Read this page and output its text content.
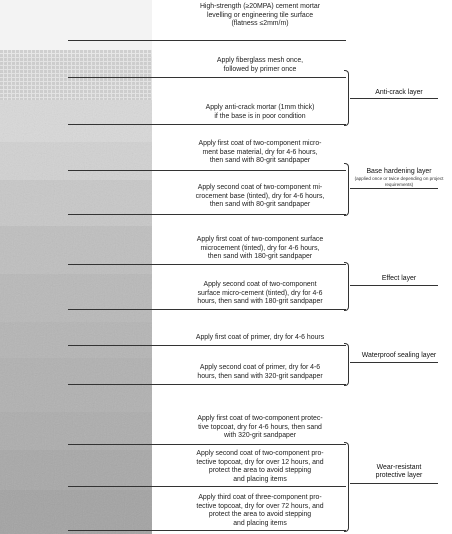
High-strength (≥20MPA) cement mortar
levelling or engineering tile surface
(flatness ≤2mm/m)
Apply fiberglass mesh once,
followed by primer once
Apply anti-crack mortar (1mm thick)
if the base is in poor condition
Apply first coat of two-component micro-
ment base material, dry for 4-6 hours,
then sand with 80-grit sandpaper
Apply second coat of two-component mi-
crocement base (tinted), dry for 4-6 hours,
then sand with 80-grit sandpaper
Apply first coat of two-component surface
microcement (tinted), dry for 4-6 hours,
then sand with 180-grit sandpaper
Apply second coat of two-component
surface micro-cement (tinted), dry for 4-6
hours, then sand with 180-grit sandpaper
Apply first coat of primer, dry for 4-6 hours
Apply second coat of primer, dry for 4-6
hours, then sand with 320-grit sandpaper
Apply first coat of two-component protec-
tive topcoat, dry for 4-6 hours, then sand
with 320-grit sandpaper
Apply second coat of two-component pro-
tective topcoat, dry for over 12 hours, and
protect the area to avoid stepping
and placing items
Apply third coat of three-component pro-
tective topcoat, dry for over 72 hours, and
protect the area to avoid stepping
and placing items
Anti-crack layer
Base hardening layer
(applied once or twice depending on project requirements)
Effect layer
Waterproof sealing layer
Wear-resistant
protective layer
